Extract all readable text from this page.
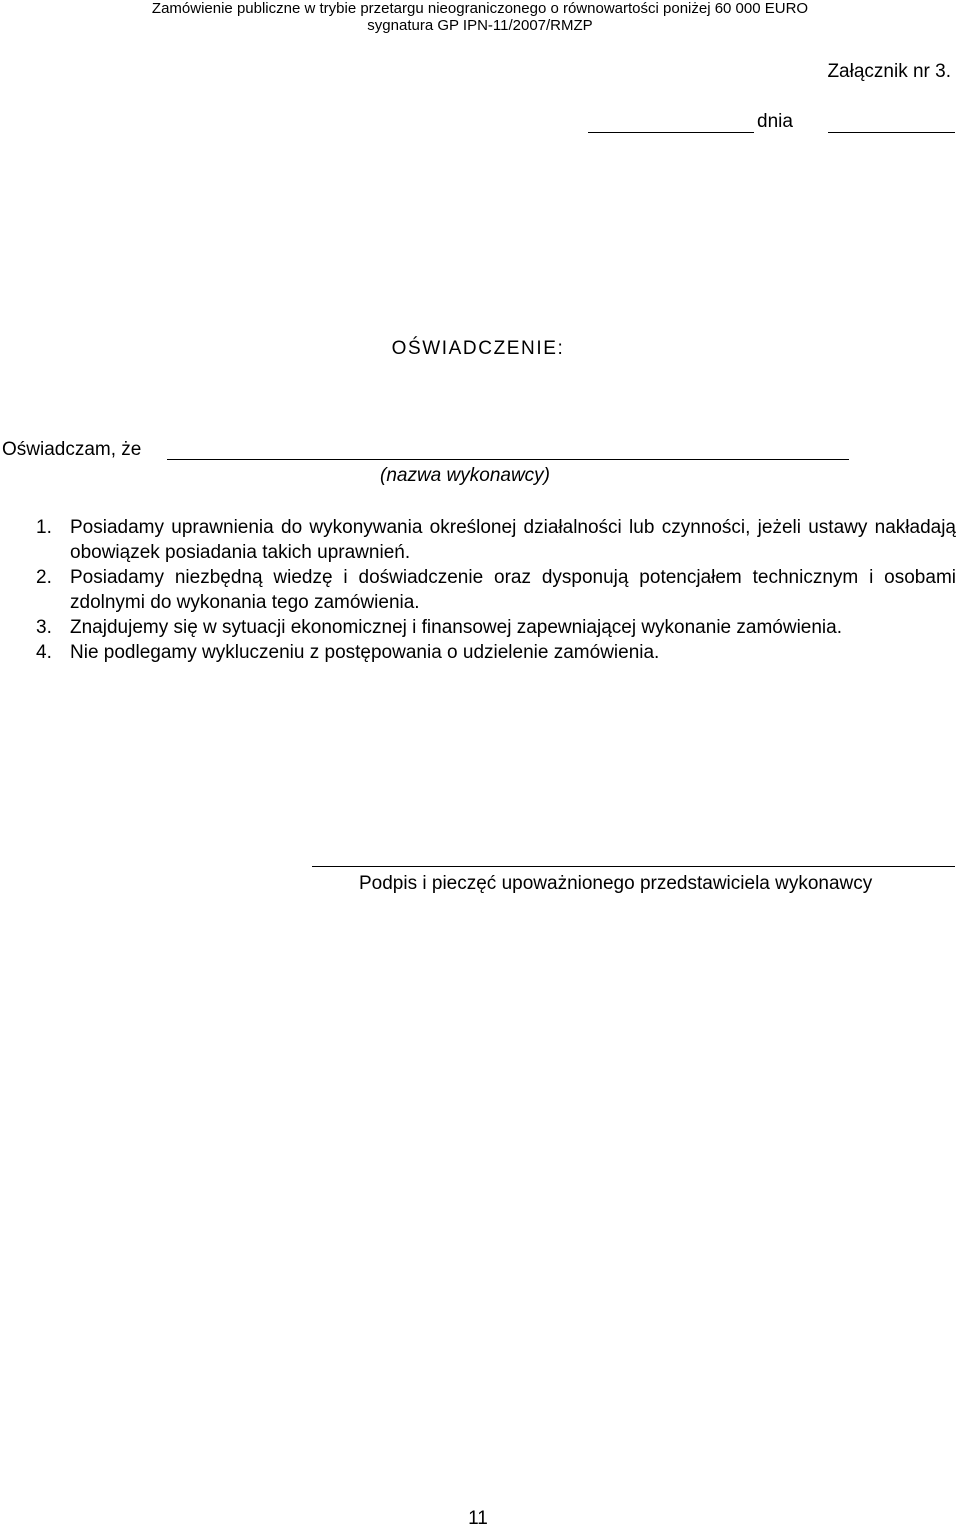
Zamówienie publiczne w trybie przetargu nieograniczonego o równowartości poniżej 60 000 EURO
sygnatura GP IPN-11/2007/RMZP
Załącznik nr 3.
dnia
OŚWIADCZENIE:
Oświadczam, że
(nazwa wykonawcy)
1. Posiadamy uprawnienia do wykonywania określonej działalności lub czynności, jeżeli ustawy nakładają obowiązek posiadania takich uprawnień.
2. Posiadamy niezbędną wiedzę i doświadczenie oraz dysponują potencjałem technicznym i osobami zdolnymi do wykonania tego zamówienia.
3. Znajdujemy się w sytuacji ekonomicznej i finansowej zapewniającej wykonanie zamówienia.
4. Nie podlegamy wykluczeniu z postępowania o udzielenie zamówienia.
Podpis i pieczęć upoważnionego przedstawiciela wykonawcy
11
